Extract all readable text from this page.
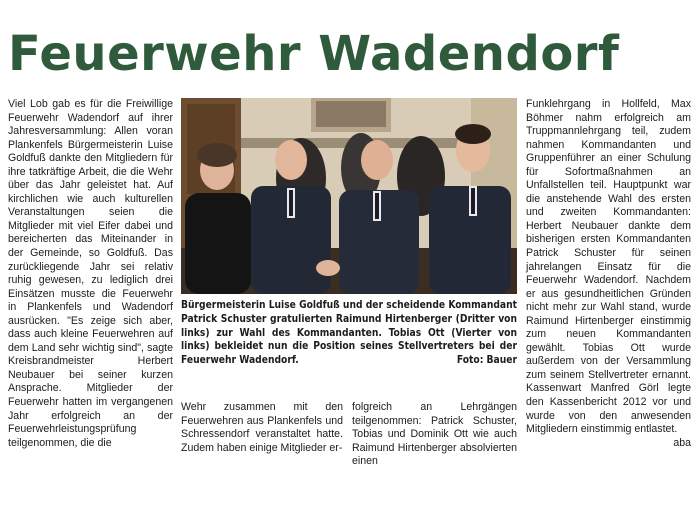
Feuerwehr Wadendorf

Viel Lob gab es für die Freiwillige Feuerwehr Wadendorf auf ihrer Jahresversammlung: Allen voran Plankenfels Bürgermeisterin Luise Goldfuß dankte den Mitgliedern für ihre tatkräftige Arbeit, die die Wehr über das Jahr geleistet hat. Auf kirchlichen wie auch kulturellen Veranstaltungen seien die Mitglieder mit viel Eifer dabei und bereicherten das Miteinander in der Gemeinde, so Goldfuß. Das zurückliegende Jahr sei relativ ruhig gewesen, zu lediglich drei Einsätzen musste die Feuerwehr in Plankenfels und Wadendorf ausrücken. "Es zeige sich aber, dass auch kleine Feuerwehren auf dem Land sehr wichtig sind", sagte Kreisbrandmeister Herbert Neubauer bei seiner kurzen Ansprache. Mitglieder der Feuerwehr hatten im vergangenen Jahr erfolgreich an der Feuerwehrleistungsprüfung teilgenommen, die die

Bürgermeisterin Luise Goldfuß und der scheidende Kommandant Patrick Schuster gratulierten Raimund Hirtenberger (Dritter von links) zur Wahl des Kommandanten. Tobias Ott (Vierter von links) bekleidet nun die Position seines Stellvertreters bei der Feuerwehr Wadendorf.	Foto: Bauer

Wehr zusammen mit den Feuerwehren aus Plankenfels und Schressendorf veranstaltet hatte. Zudem haben einige Mitglieder er-

folgreich an Lehrgängen teilgenommen: Patrick Schuster, Tobias und Dominik Ott wie auch Raimund Hirtenberger absolvierten einen

Funklehrgang in Hollfeld, Max Böhmer nahm erfolgreich am Truppmannlehrgang teil, zudem nahmen Kommandanten und Gruppenführer an einer Schulung für Sofortmaßnahmen an Unfallstellen teil. Hauptpunkt war die anstehende Wahl des ersten und zweiten Kommandanten: Herbert Neubauer dankte dem bisherigen ersten Kommandanten Patrick Schuster für seinen jahrelangen Einsatz für die Feuerwehr Wadendorf. Nachdem er aus gesundheitlichen Gründen nicht mehr zur Wahl stand, wurde Raimund Hirtenberger einstimmig zum neuen Kommandanten gewählt. Tobias Ott wurde außerdem von der Versammlung zum seinem Stellvertreter ernannt. Kassenwart Manfred Görl legte den Kassenbericht 2012 vor und wurde von den anwesenden Mitgliedern einstimmig entlastet.
aba
